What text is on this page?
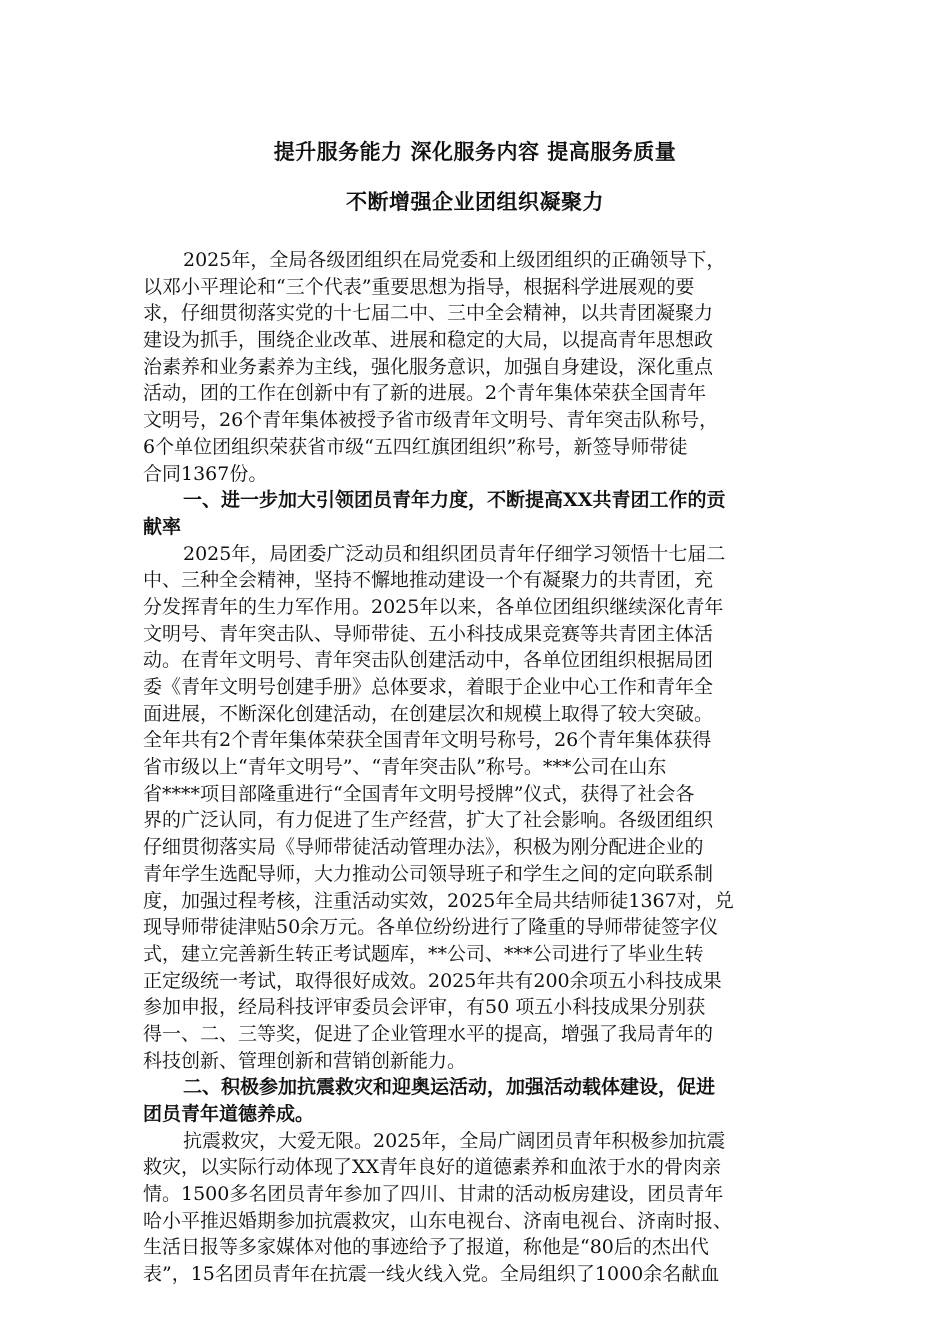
提升服务能力 深化服务内容 提高服务质量
不断增强企业团组织凝聚力
2025年，全局各级团组织在局党委和上级团组织的正确领导下，
以邓小平理论和“三个代表”重要思想为指导，根据科学进展观的要
求，仔细贯彻落实党的十七届二中、三中全会精神，以共青团凝聚力
建设为抓手，围绕企业改革、进展和稳定的大局，以提高青年思想政
治素养和业务素养为主线，强化服务意识，加强自身建设，深化重点
活动，团的工作在创新中有了新的进展。2个青年集体荣获全国青年
文明号，26个青年集体被授予省市级青年文明号、青年突击队称号，
6个单位团组织荣获省市级“五四红旗团组织”称号，新签导师带徒
合同1367份。
一、进一步加大引领团员青年力度，不断提高XX共青团工作的贡
献率
2025年，局团委广泛动员和组织团员青年仔细学习领悟十七届二
中、三种全会精神，坚持不懈地推动建设一个有凝聚力的共青团，充
分发挥青年的生力军作用。2025年以来，各单位团组织继续深化青年
文明号、青年突击队、导师带徒、五小科技成果竞赛等共青团主体活
动。在青年文明号、青年突击队创建活动中，各单位团组织根据局团
委《青年文明号创建手册》总体要求，着眼于企业中心工作和青年全
面进展，不断深化创建活动，在创建层次和规模上取得了较大突破。
全年共有2个青年集体荣获全国青年文明号称号，26个青年集体获得
省市级以上“青年文明号”、“青年突击队”称号。***公司在山东
省****项目部隆重进行“全国青年文明号授牌”仪式，获得了社会各
界的广泛认同，有力促进了生产经营，扩大了社会影响。各级团组织
仔细贯彻落实局《导师带徒活动管理办法》，积极为刚分配进企业的
青年学生选配导师，大力推动公司领导班子和学生之间的定向联系制
度，加强过程考核，注重活动实效，2025年全局共结师徒1367对，兑
现导师带徒津贴50余万元。各单位纷纷进行了隆重的导师带徒签字仪
式，建立完善新生转正考试题库，**公司、***公司进行了毕业生转
正定级统一考试，取得很好成效。2025年共有200余项五小科技成果
参加申报，经局科技评审委员会评审，有50 项五小科技成果分别获
得一、二、三等奖，促进了企业管理水平的提高，增强了我局青年的
科技创新、管理创新和营销创新能力。
二、积极参加抗震救灾和迎奥运活动，加强活动载体建设，促进
团员青年道德养成。
抗震救灾，大爱无限。2025年，全局广阔团员青年积极参加抗震
救灾，以实际行动体现了XX青年良好的道德素养和血浓于水的骨肉亲
情。1500多名团员青年参加了四川、甘肃的活动板房建设，团员青年
哈小平推迟婚期参加抗震救灾，山东电视台、济南电视台、济南时报、
生活日报等多家媒体对他的事迹给予了报道，称他是“80后的杰出代
表”，15名团员青年在抗震一线火线入党。全局组织了1000余名献血
